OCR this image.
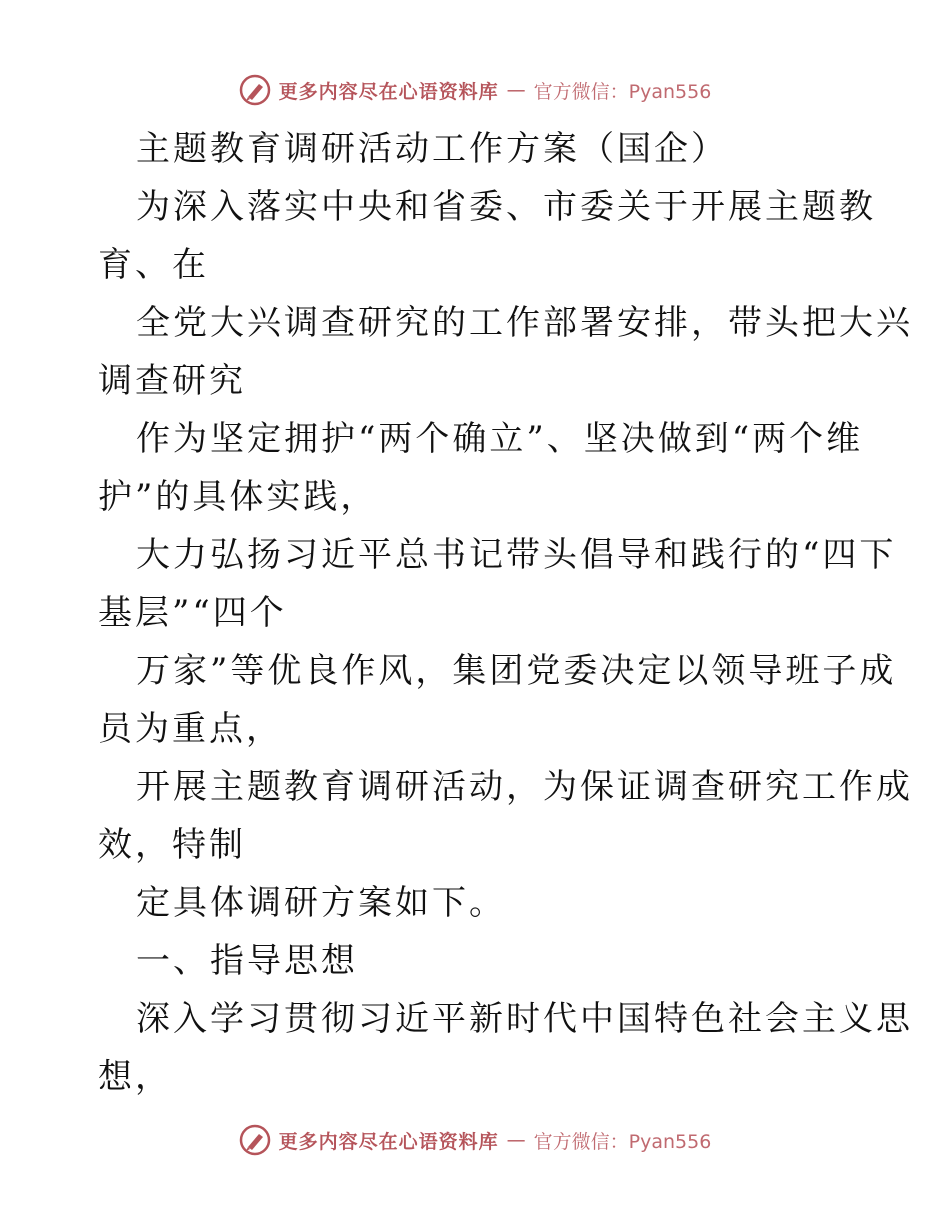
更多内容尽在心语资料库 — 官方微信：Pyan556
主题教育调研活动工作方案（国企）
为深入落实中央和省委、市委关于开展主题教
育、在
全党大兴调查研究的工作部署安排，带头把大兴
调查研究
作为坚定拥护“两个确立”、坚决做到“两个维
护”的具体实践，
大力弘扬习近平总书记带头倡导和践行的“四下
基层”“四个
万家”等优良作风，集团党委决定以领导班子成
员为重点，
开展主题教育调研活动，为保证调查研究工作成
效，特制
定具体调研方案如下。
一、指导思想
深入学习贯彻习近平新时代中国特色社会主义思
想，
更多内容尽在心语资料库 — 官方微信：Pyan556
